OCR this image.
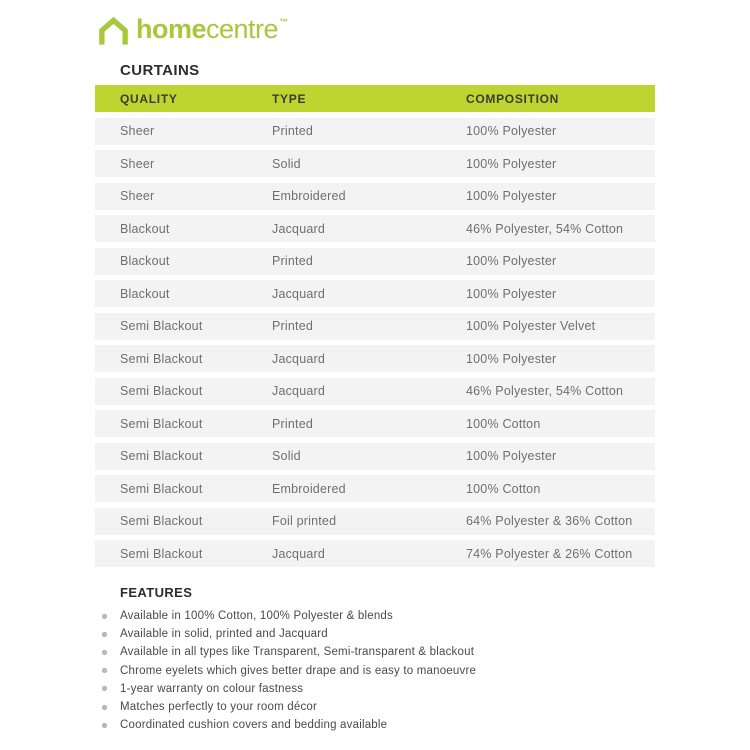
homecentre™
CURTAINS
QUALITY	TYPE	COMPOSITION
Sheer	Printed	100% Polyester
Sheer	Solid	100% Polyester
Sheer	Embroidered	100% Polyester
Blackout	Jacquard	46% Polyester, 54% Cotton
Blackout	Printed	100% Polyester
Blackout	Jacquard	100% Polyester
Semi Blackout	Printed	100% Polyester Velvet
Semi Blackout	Jacquard	100% Polyester
Semi Blackout	Jacquard	46% Polyester, 54% Cotton
Semi Blackout	Printed	100% Cotton
Semi Blackout	Solid	100% Polyester
Semi Blackout	Embroidered	100% Cotton
Semi Blackout	Foil printed	64% Polyester & 36% Cotton
Semi Blackout	Jacquard	74% Polyester & 26% Cotton
FEATURES
Available in 100% Cotton, 100% Polyester & blends
Available in solid, printed and Jacquard
Available in all types like Transparent, Semi-transparent & blackout
Chrome eyelets which gives better drape and is easy to manoeuvre
1-year warranty on colour fastness
Matches perfectly to your room décor
Coordinated cushion covers and bedding available
